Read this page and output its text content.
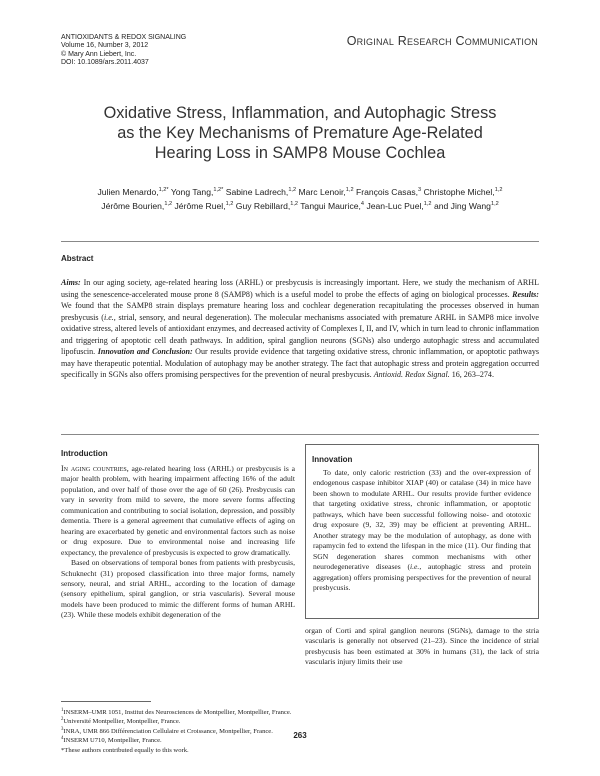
ANTIOXIDANTS & REDOX SIGNALING
Volume 16, Number 3, 2012
© Mary Ann Liebert, Inc.
DOI: 10.1089/ars.2011.4037
Original Research Communication
Oxidative Stress, Inflammation, and Autophagic Stress
as the Key Mechanisms of Premature Age-Related
Hearing Loss in SAMP8 Mouse Cochlea
Julien Menardo,$^{1,2*}$ Yong Tang,$^{1,2*}$ Sabine Ladrech,$^{1,2}$ Marc Lenoir,$^{1,2}$ François Casas,$^3$ Christophe Michel,$^{1,2}$
Jérôme Bourien,$^{1,2}$ Jérôme Ruel,$^{1,2}$ Guy Rebillard,$^{1,2}$ Tangui Maurice,$^4$ Jean-Luc Puel,$^{1,2}$ and Jing Wang$^{1,2}$
Abstract
Aims: In our aging society, age-related hearing loss (ARHL) or presbycusis is increasingly important. Here, we study the mechanism of ARHL using the senescence-accelerated mouse prone 8 (SAMP8) which is a useful model to probe the effects of aging on biological processes. Results: We found that the SAMP8 strain displays premature hearing loss and cochlear degeneration recapitulating the processes observed in human presbycusis (i.e., strial, sensory, and neural degeneration). The molecular mechanisms associated with premature ARHL in SAMP8 mice involve oxidative stress, altered levels of antioxidant enzymes, and decreased activity of Complexes I, II, and IV, which in turn lead to chronic inflammation and triggering of apoptotic cell death pathways. In addition, spiral ganglion neurons (SGNs) also undergo autophagic stress and accumulated lipofuscin. Innovation and Conclusion: Our results provide evidence that targeting oxidative stress, chronic inflammation, or apoptotic pathways may have therapeutic potential. Modulation of autophagy may be another strategy. The fact that autophagic stress and protein aggregation occurred specifically in SGNs also offers promising perspectives for the prevention of neural presbycusis. Antioxid. Redox Signal. 16, 263–274.
Introduction

In aging countries, age-related hearing loss (ARHL) or presbycusis is a major health problem, with hearing impairment affecting 16% of the adult population, and over half of those over the age of 60 (26). Presbycusis can vary in severity from mild to severe, the more severe forms affecting communication and contributing to social isolation, depression, and possibly dementia. There is a general agreement that cumulative effects of aging on hearing are exacerbated by genetic and environmental factors such as noise or drug exposure. Due to environmental noise and increasing life expectancy, the prevalence of presbycusis is expected to grow dramatically.

Based on observations of temporal bones from patients with presbycusis, Schuknecht (31) proposed classification into three major forms, namely sensory, neural, and strial ARHL, according to the location of damage (sensory epithelium, spiral ganglion, or stria vascularis). Several mouse models have been produced to mimic the different forms of human ARHL (23). While these models exhibit degeneration of the

Innovation

To date, only caloric restriction (33) and the over-expression of endogenous caspase inhibitor XIAP (40) or catalase (34) in mice have been shown to modulate ARHL. Our results provide further evidence that targeting oxidative stress, chronic inflammation, or apoptotic pathways, which have been successful following noise- and ototoxic drug exposure (9, 32, 39) may be efficient at preventing ARHL. Another strategy may be the modulation of autophagy, as done with rapamycin fed to extend the lifespan in the mice (11). Our finding that SGN degeneration shares common mechanisms with other neurodegenerative diseases (i.e., autophagic stress and protein aggregation) offers promising perspectives for the prevention of neural presbycusis.

organ of Corti and spiral ganglion neurons (SGNs), damage to the stria vascularis is generally not observed (21–23). Since the incidence of strial presbycusis has been estimated at 30% in humans (31), the lack of stria vascularis injury limits their use

$^1$INSERM–UMR 1051, Institut des Neurosciences de Montpellier, Montpellier, France.
$^2$Université Montpellier, Montpellier, France.
$^3$INRA, UMR 866 Différenciation Cellulaire et Croissance, Montpellier, France.
$^4$INSERM U710, Montpellier, France.
*These authors contributed equally to this work.
263
